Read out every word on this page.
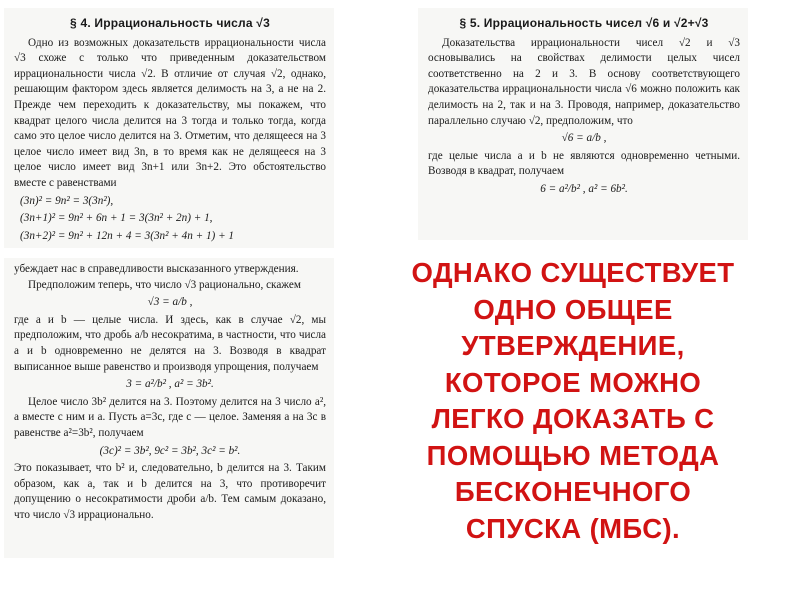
§ 4. Иррациональность числа √3

Одно из возможных доказательств иррациональности числа √3 схоже с только что приведенным доказательством иррациональности числа √2. В отличие от случая √2, однако, решающим фактором здесь является делимость на 3, а не на 2. Прежде чем переходить к доказательству, мы покажем, что квадрат целого числа делится на 3 тогда и только тогда, когда само это целое число делится на 3. Отметим, что делящееся на 3 целое число имеет вид 3n, в то время как не делящееся на 3 целое число имеет вид 3n+1 или 3n+2. Это обстоятельство вместе с равенствами

(3n)² = 9n² = 3(3n²),

(3n+1)² = 9n² + 6n + 1 = 3(3n² + 2n) + 1,

(3n+2)² = 9n² + 12n + 4 = 3(3n² + 4n + 1) + 1

убеждает нас в справедливости высказанного утверждения.

Предположим теперь, что число √3 рационально, скажем

√3 = a/b ,

где a и b — целые числа. И здесь, как в случае √2, мы предположим, что дробь a/b несократима, в частности, что числа a и b одновременно не делятся на 3. Возводя в квадрат выписанное выше равенство и производя упрощения, получаем

3 = a²/b² , a² = 3b².

Целое число 3b² делится на 3. Поэтому делится на 3 число a², а вместе с ним и a. Пусть a=3c, где c — целое. Заменяя a на 3c в равенстве a²=3b², получаем

(3c)² = 3b², 9c² = 3b², 3c² = b².

Это показывает, что b² и, следовательно, b делится на 3. Таким образом, как a, так и b делится на 3, что противоречит допущению о несократимости дроби a/b. Тем самым доказано, что число √3 иррационально.

§ 5. Иррациональность чисел √6 и √2+√3

Доказательства иррациональности чисел √2 и √3 основывались на свойствах делимости целых чисел соответственно на 2 и 3. В основу соответствующего доказательства иррациональности числа √6 можно положить как делимость на 2, так и на 3. Проводя, например, доказательство параллельно случаю √2, предположим, что

√6 = a/b ,

где целые числа a и b не являются одновременно четными. Возводя в квадрат, получаем

6 = a²/b² , a² = 6b².

ОДНАКО СУЩЕСТВУЕТ
ОДНО ОБЩЕЕ
УТВЕРЖДЕНИЕ,
КОТОРОЕ МОЖНО
ЛЕГКО ДОКАЗАТЬ С
ПОМОЩЬЮ МЕТОДА
БЕСКОНЕЧНОГО
СПУСКА (МБС).
